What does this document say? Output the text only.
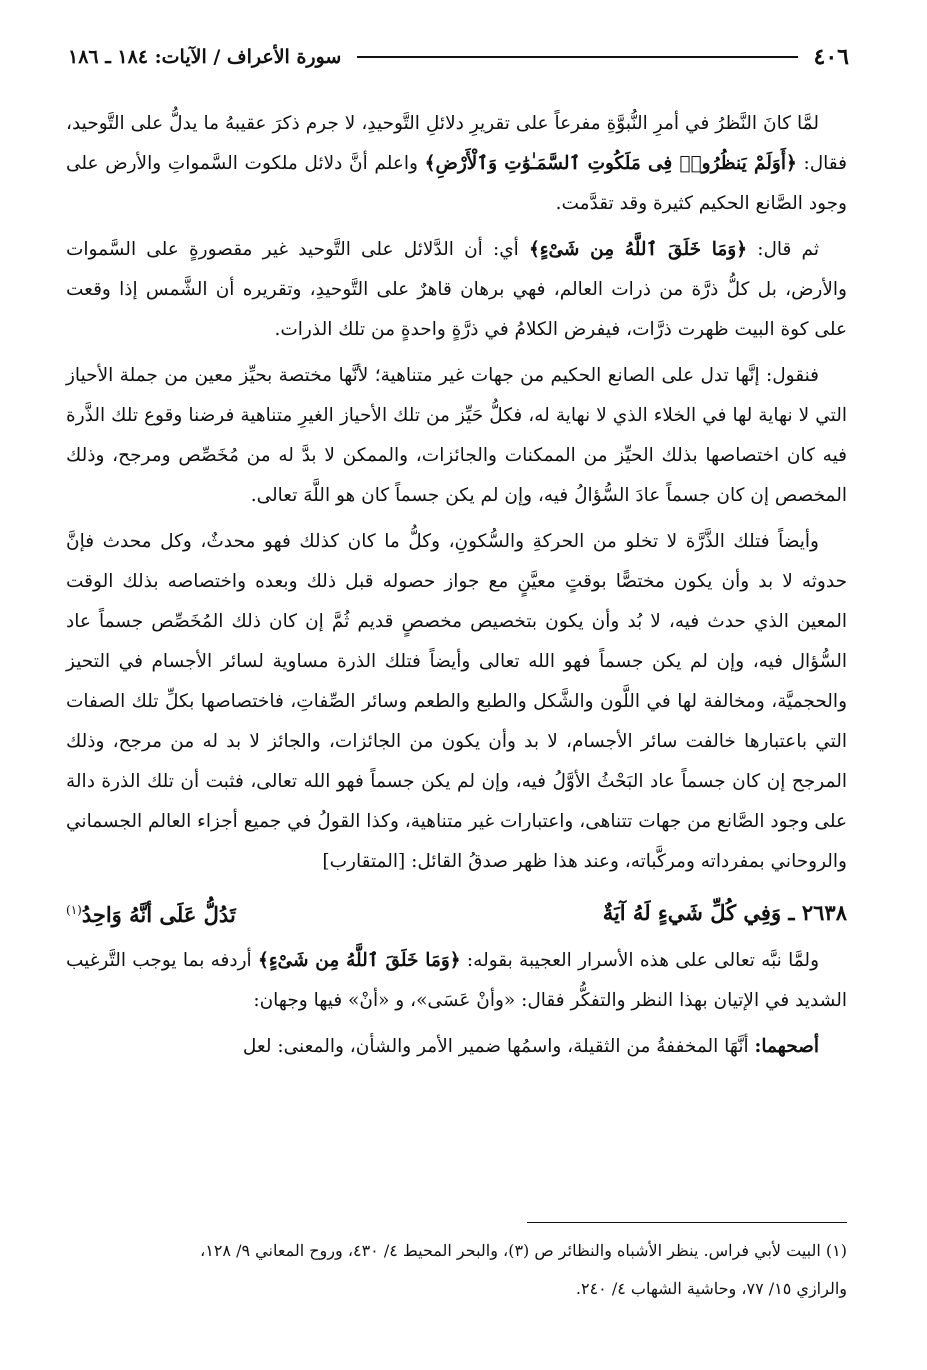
٤٠٦
سورة الأعراف / الآيات: ١٨٤ ـ ١٨٦

لمَّا كانَ النَّظرُ في أمرِ النُّبوَّةِ مفرعاً على تقريرِ دلائلِ التَّوحيدِ، لا جرم ذكرَ عقيبهُ ما يدلُّ على التَّوحيد، فقال: ﴿أَوَلَمْ يَنظُرُوا۟ فِى مَلَكُوتِ ٱلسَّمَـٰوَٰتِ وَٱلْأَرْضِ﴾ واعلم أنَّ دلائل ملكوت السَّمواتِ والأرض على وجود الصَّانع الحكيم كثيرة وقد تقدَّمت.

ثم قال: ﴿وَمَا خَلَقَ ٱللَّهُ مِن شَىْءٍ﴾ أي: أن الدَّلائل على التَّوحيد غير مقصورةٍ على السَّموات والأرض، بل كلُّ ذرَّة من ذرات العالم، فهي برهان قاهرٌ على التَّوحيدِ، وتقريره أن الشَّمس إذا وقعت على كوة البيت ظهرت ذرَّات، فيفرض الكلامُ في ذرَّةٍ واحدةٍ من تلك الذرات.

فنقول: إنَّها تدل على الصانع الحكيم من جهات غير متناهية؛ لأنَّها مختصة بحيِّز معين من جملة الأحياز التي لا نهاية لها في الخلاء الذي لا نهاية له، فكلُّ حَيِّز من تلك الأحياز الغيرِ متناهية فرضنا وقوع تلك الذَّرة فيه كان اختصاصها بذلك الحيِّز من الممكنات والجائزات، والممكن لا بدَّ له من مُخَصِّص ومرجح، وذلك المخصص إن كان جسماً عادَ السُّؤالُ فيه، وإن لم يكن جسماً كان هو اللَّهَ تعالى.

وأيضاً فتلك الذَّرَّة لا تخلو من الحركةِ والسُّكونِ، وكلُّ ما كان كذلك فهو محدثٌ، وكل محدث فإنَّ حدوثه لا بد وأن يكون مختصًّا بوقتٍ معيَّنٍ مع جواز حصوله قبل ذلك وبعده واختصاصه بذلك الوقت المعين الذي حدث فيه، لا بُد وأن يكون بتخصيص مخصصٍ قديم ثُمَّ إن كان ذلك المُخَصِّص جسماً عاد السُّؤال فيه، وإن لم يكن جسماً فهو الله تعالى وأيضاً فتلك الذرة مساوية لسائر الأجسام في التحيز والحجميَّة، ومخالفة لها في اللَّون والشَّكل والطبع والطعم وسائر الصِّفاتِ، فاختصاصها بكلِّ تلك الصفات التي باعتبارها خالفت سائر الأجسام، لا بد وأن يكون من الجائزات، والجائز لا بد له من مرجح، وذلك المرجح إن كان جسماً عاد البَحْثُ الأوَّلُ فيه، وإن لم يكن جسماً فهو الله تعالى، فثبت أن تلك الذرة دالة على وجود الصَّانع من جهات تتناهى، واعتبارات غير متناهية، وكذا القولُ في جميع أجزاء العالم الجسماني والروحاني بمفرداته ومركَّباته، وعند هذا ظهر صدقُ القائل: [المتقارب]

٢٦٣٨ ـ وَفِي كُلِّ شَيءٍ لَهُ آيَةٌ
تَدُلُّ عَلَى أنَّهُ وَاحِدُ$^{(١)}$

ولمَّا نبَّه تعالى على هذه الأسرار العجيبة بقوله: ﴿وَمَا خَلَقَ ٱللَّهُ مِن شَىْءٍ﴾ أردفه بما يوجب التَّرغيب الشديد في الإتيان بهذا النظر والتفكُّر فقال: «وأنْ عَسَى»، و «أنْ» فيها وجهان:

أصحهما: أنَّهَا المخففةُ من الثقيلة، واسمُها ضمير الأمر والشأن، والمعنى: لعل

(١) البيت لأبي فراس. ينظر الأشباه والنظائر ص (٣)، والبحر المحيط ٤/ ٤٣٠، وروح المعاني ٩/ ١٢٨،

والرازي ١٥/ ٧٧، وحاشية الشهاب ٤/ ٢٤٠.
